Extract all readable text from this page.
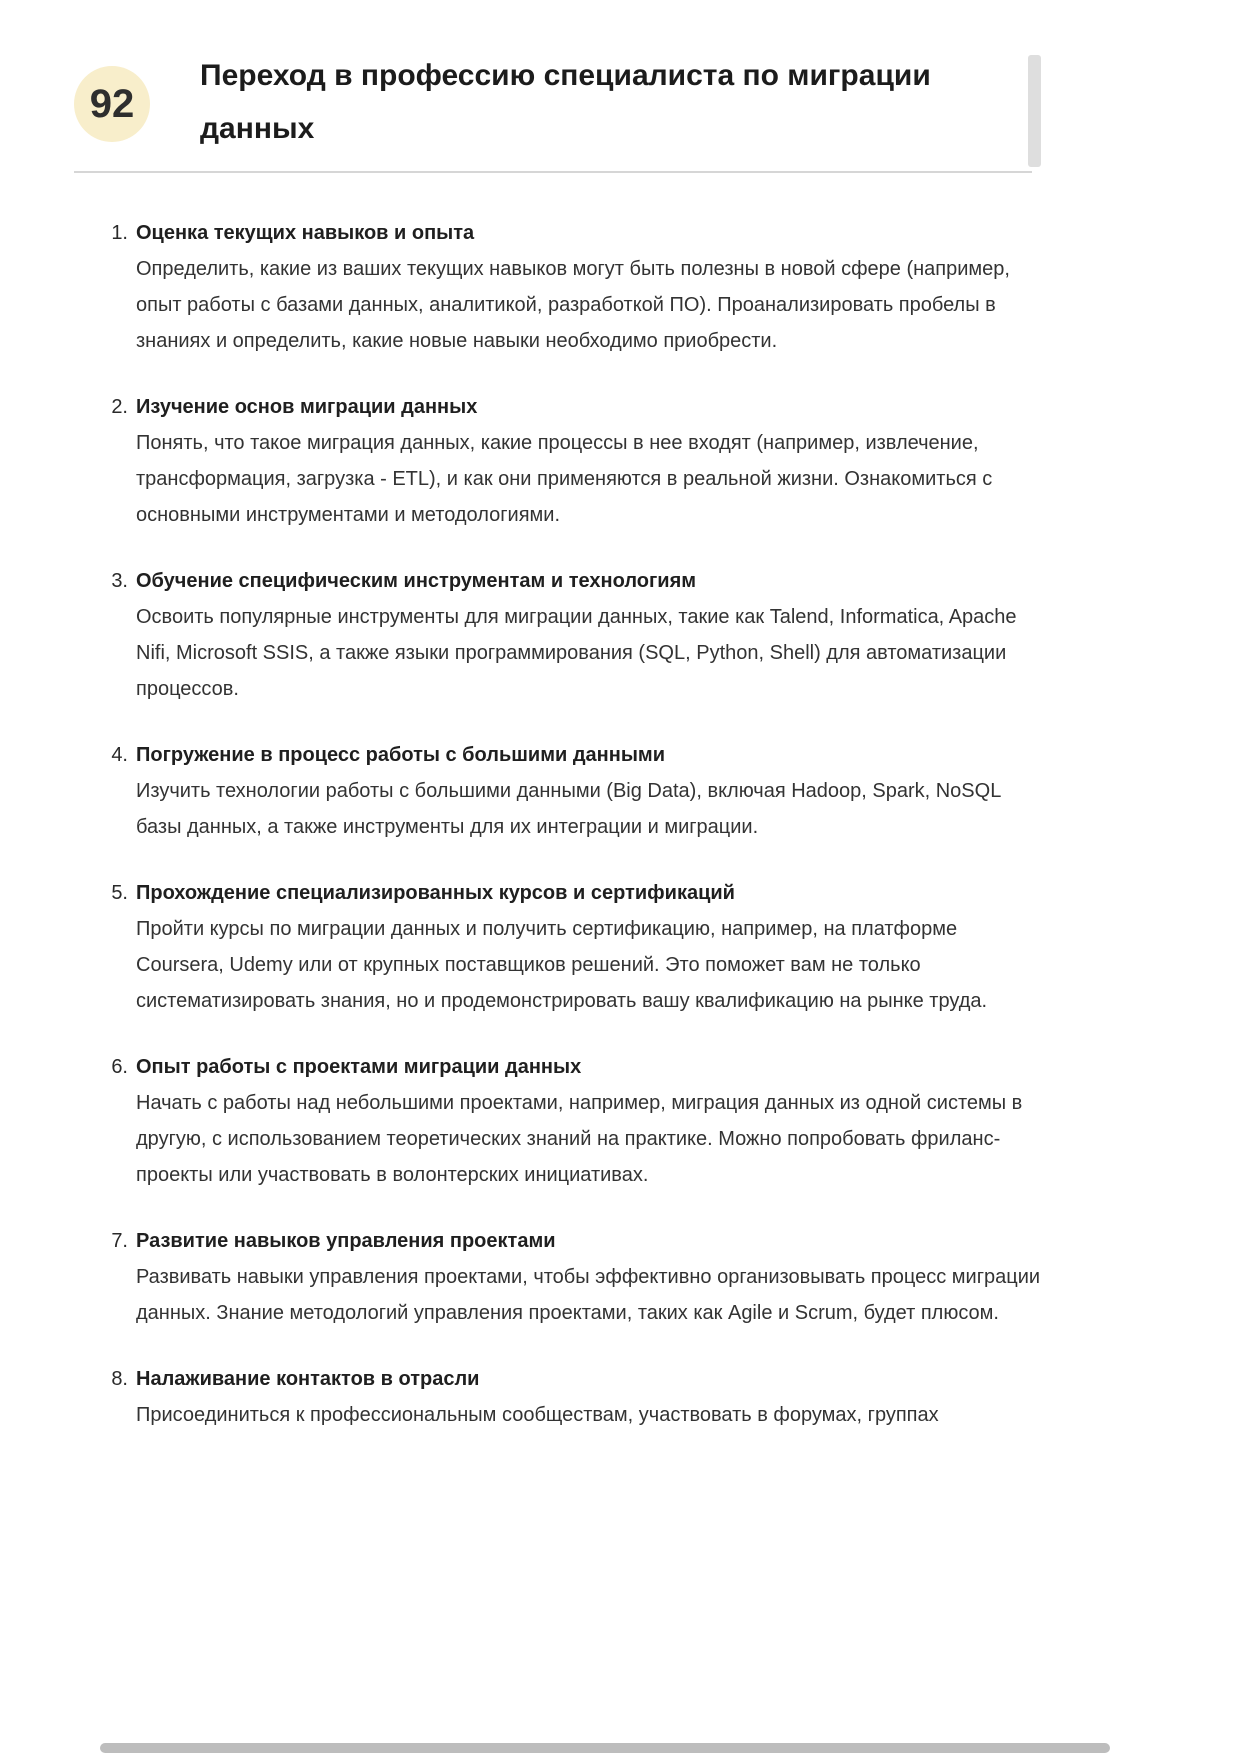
92
Переход в профессию специалиста по миграции данных
1. Оценка текущих навыков и опыта
Определить, какие из ваших текущих навыков могут быть полезны в новой сфере (например, опыт работы с базами данных, аналитикой, разработкой ПО). Проанализировать пробелы в знаниях и определить, какие новые навыки необходимо приобрести.
2. Изучение основ миграции данных
Понять, что такое миграция данных, какие процессы в нее входят (например, извлечение, трансформация, загрузка - ETL), и как они применяются в реальной жизни. Ознакомиться с основными инструментами и методологиями.
3. Обучение специфическим инструментам и технологиям
Освоить популярные инструменты для миграции данных, такие как Talend, Informatica, Apache Nifi, Microsoft SSIS, а также языки программирования (SQL, Python, Shell) для автоматизации процессов.
4. Погружение в процесс работы с большими данными
Изучить технологии работы с большими данными (Big Data), включая Hadoop, Spark, NoSQL базы данных, а также инструменты для их интеграции и миграции.
5. Прохождение специализированных курсов и сертификаций
Пройти курсы по миграции данных и получить сертификацию, например, на платформе Coursera, Udemy или от крупных поставщиков решений. Это поможет вам не только систематизировать знания, но и продемонстрировать вашу квалификацию на рынке труда.
6. Опыт работы с проектами миграции данных
Начать с работы над небольшими проектами, например, миграция данных из одной системы в другую, с использованием теоретических знаний на практике. Можно попробовать фриланс-проекты или участвовать в волонтерских инициативах.
7. Развитие навыков управления проектами
Развивать навыки управления проектами, чтобы эффективно организовывать процесс миграции данных. Знание методологий управления проектами, таких как Agile и Scrum, будет плюсом.
8. Налаживание контактов в отрасли
Присоединиться к профессиональным сообществам, участвовать в форумах, группах
